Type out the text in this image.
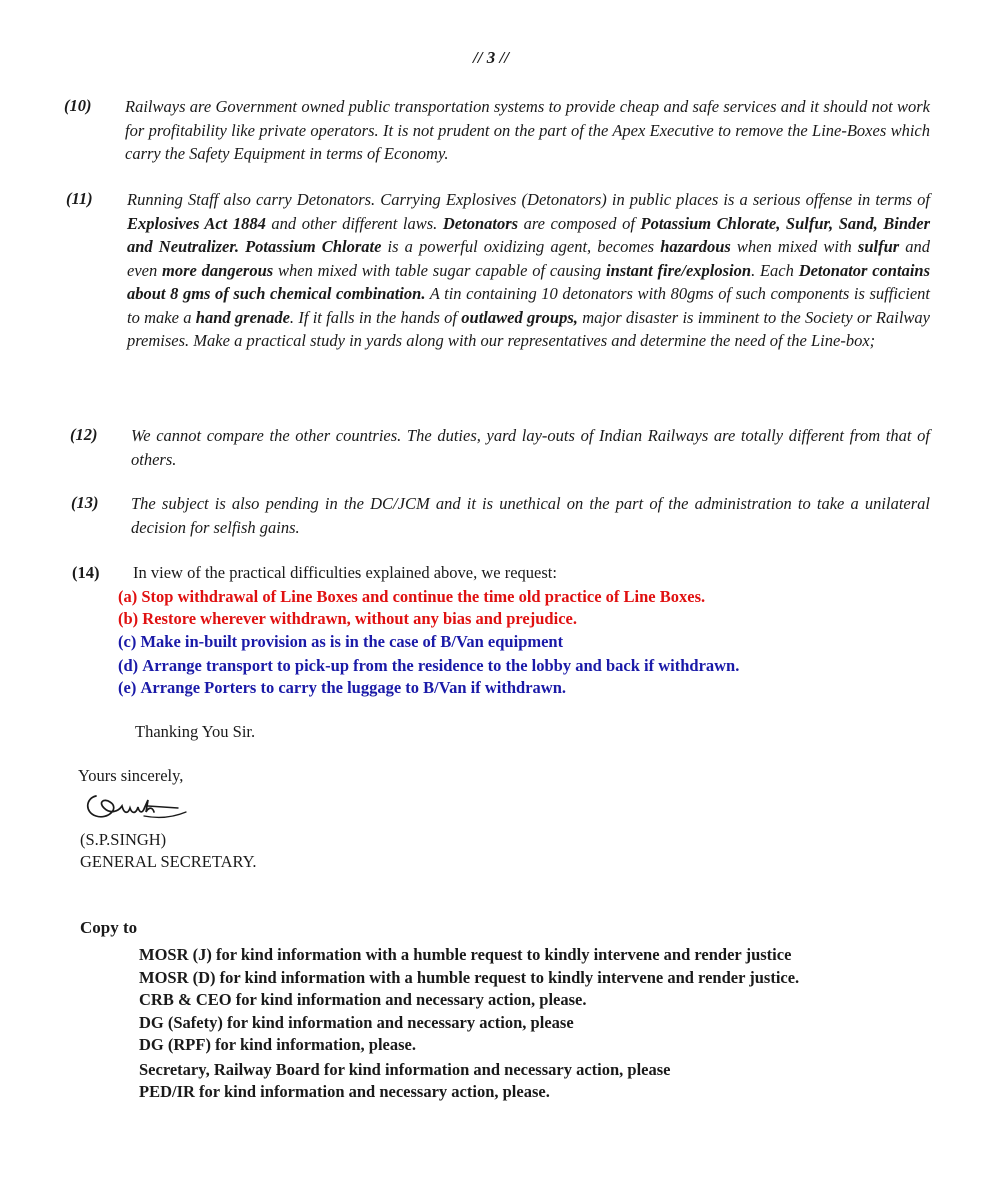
// 3 //
(10) Railways are Government owned public transportation systems to provide cheap and safe services and it should not work for profitability like private operators. It is not prudent on the part of the Apex Executive to remove the Line-Boxes which carry the Safety Equipment in terms of Economy.
(11) Running Staff also carry Detonators. Carrying Explosives (Detonators) in public places is a serious offense in terms of Explosives Act 1884 and other different laws. Detonators are composed of Potassium Chlorate, Sulfur, Sand, Binder and Neutralizer. Potassium Chlorate is a powerful oxidizing agent, becomes hazardous when mixed with sulfur and even more dangerous when mixed with table sugar capable of causing instant fire/explosion. Each Detonator contains about 8 gms of such chemical combination. A tin containing 10 detonators with 80gms of such components is sufficient to make a hand grenade. If it falls in the hands of outlawed groups, major disaster is imminent to the Society or Railway premises. Make a practical study in yards along with our representatives and determine the need of the Line-box;
(12) We cannot compare the other countries. The duties, yard lay-outs of Indian Railways are totally different from that of others.
(13) The subject is also pending in the DC/JCM and it is unethical on the part of the administration to take a unilateral decision for selfish gains.
(14) In view of the practical difficulties explained above, we request:
(a) Stop withdrawal of Line Boxes and continue the time old practice of Line Boxes.
(b) Restore wherever withdrawn, without any bias and prejudice.
(c) Make in-built provision as is in the case of B/Van equipment
(d) Arrange transport to pick-up from the residence to the lobby and back if withdrawn.
(e) Arrange Porters to carry the luggage to B/Van if withdrawn.
Thanking You Sir.
Yours sincerely,
(S.P.SINGH)
GENERAL SECRETARY.
Copy to
MOSR (J) for kind information with a humble request to kindly intervene and render justice
MOSR (D) for kind information with a humble request to kindly intervene and render justice.
CRB & CEO for kind information and necessary action, please.
DG (Safety) for kind information and necessary action, please
DG (RPF) for kind information, please.
Secretary, Railway Board for kind information and necessary action, please
PED/IR for kind information and necessary action, please.
